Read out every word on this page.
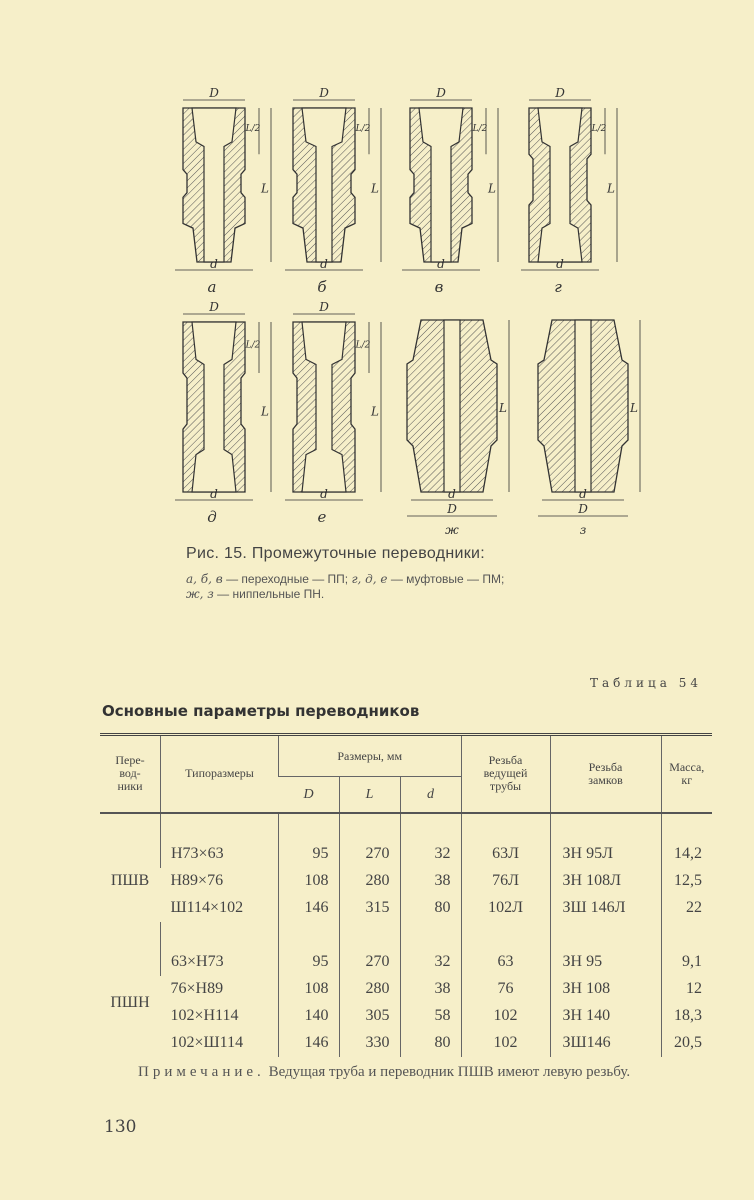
D
d
L
L/2
а
D
d
L
L/2
б
D
d
L
L/2
в
D
d
L
L/2
г
D
d
L
L/2
д
D
d
L
L/2
е	D
d
L
ж
D
d
L
з
Рис. 15. Промежуточные переводники:
а, б, в — переходные — ПП; г, д, е — муфтовые — ПМ;
ж, з — ниппельные ПН.
Таблица 54
Основные параметры переводников
Пере-
вод-
ники	Типоразмеры	Размеры, мм			Резьба
ведущей
трубы	Резьба
замков	Масса,
кг
		D	L	d			

ПШВ	Н73×63	95	270	32	63Л	ЗН 95Л	14,2
	Н89×76	108	280	38	76Л	ЗН 108Л	12,5
	Ш114×102	146	315	80	102Л	ЗШ 146Л	22

ПШН	63×Н73	95	270	32	63	ЗН 95	9,1
	76×Н89	108	280	38	76	ЗН 108	12
	102×Н114	140	305	58	102	ЗН 140	18,3
	102×Ш114	146	330	80	102	ЗШ146	20,5
Примечание. Ведущая труба и переводник ПШВ имеют левую резьбу.
130
